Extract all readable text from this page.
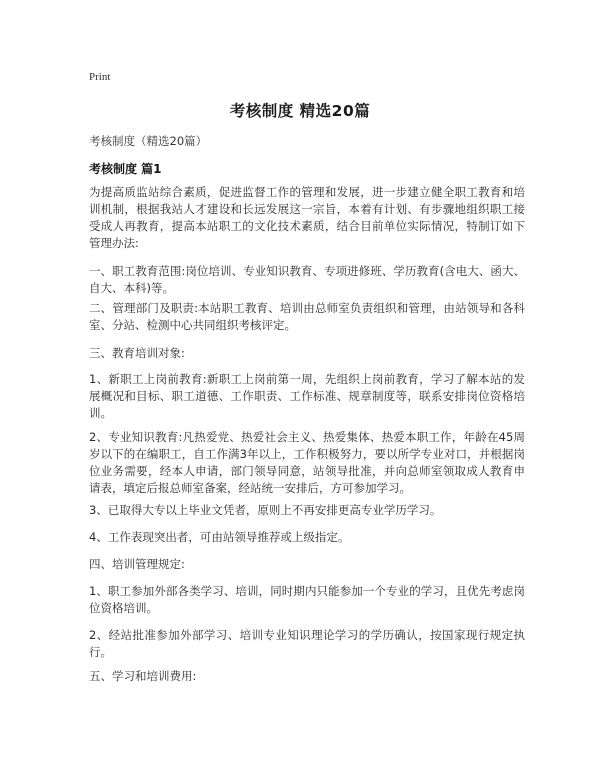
Print
考核制度 精选20篇
考核制度（精选20篇）
考核制度 篇1

为提高质监站综合素质，促进监督工作的管理和发展，进一步建立健全职工教育和培训机制，根据我站人才建设和长远发展这一宗旨，本着有计划、有步骤地组织职工接受成人再教育，提高本站职工的文化技术素质，结合目前单位实际情况，特制订如下管理办法:

一、职工教育范围:岗位培训、专业知识教育、专项进修班、学历教育(含电大、函大、自大、本科)等。

二、管理部门及职责:本站职工教育、培训由总师室负责组织和管理，由站领导和各科室、分站、检测中心共同组织考核评定。

三、教育培训对象:

1、新职工上岗前教育:新职工上岗前第一周，先组织上岗前教育，学习了解本站的发展概况和目标、职工道德、工作职责、工作标准、规章制度等，联系安排岗位资格培训。

2、专业知识教育:凡热爱党、热爱社会主义、热爱集体、热爱本职工作，年龄在45周岁以下的在编职工，自工作满3年以上，工作积极努力，要以所学专业对口，并根据岗位业务需要，经本人申请，部门领导同意，站领导批准，并向总师室领取成人教育申请表，填定后报总师室备案，经站统一安排后，方可参加学习。

3、已取得大专以上毕业文凭者，原则上不再安排更高专业学历学习。

4、工作表现突出者，可由站领导推荐或上级指定。

四、培训管理规定:

1、职工参加外部各类学习、培训，同时期内只能参加一个专业的学习，且优先考虑岗位资格培训。

2、经站批准参加外部学习、培训专业知识理论学习的学历确认，按国家现行规定执行。

五、学习和培训费用:
